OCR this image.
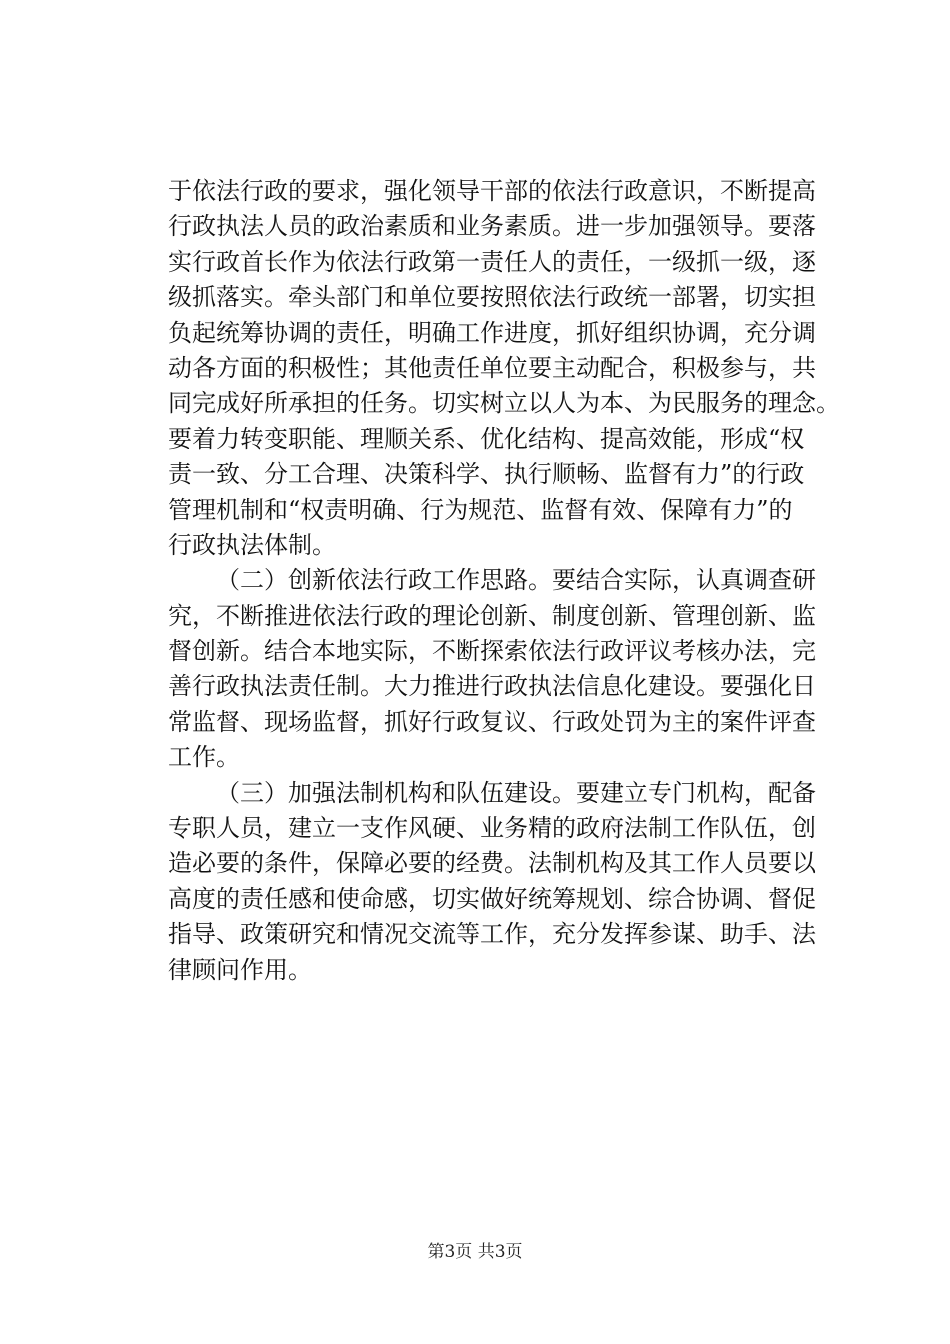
于依法行政的要求，强化领导干部的依法行政意识，不断提高
行政执法人员的政治素质和业务素质。进一步加强领导。要落
实行政首长作为依法行政第一责任人的责任，一级抓一级，逐
级抓落实。牵头部门和单位要按照依法行政统一部署，切实担
负起统筹协调的责任，明确工作进度，抓好组织协调，充分调
动各方面的积极性；其他责任单位要主动配合，积极参与，共
同完成好所承担的任务。切实树立以人为本、为民服务的理念。
要着力转变职能、理顺关系、优化结构、提高效能，形成“权
责一致、分工合理、决策科学、执行顺畅、监督有力”的行政
管理机制和“权责明确、行为规范、监督有效、保障有力”的
行政执法体制。
（二）创新依法行政工作思路。要结合实际，认真调查研
究，不断推进依法行政的理论创新、制度创新、管理创新、监
督创新。结合本地实际，不断探索依法行政评议考核办法，完
善行政执法责任制。大力推进行政执法信息化建设。要强化日
常监督、现场监督，抓好行政复议、行政处罚为主的案件评查
工作。
（三）加强法制机构和队伍建设。要建立专门机构，配备
专职人员，建立一支作风硬、业务精的政府法制工作队伍，创
造必要的条件，保障必要的经费。法制机构及其工作人员要以
高度的责任感和使命感，切实做好统筹规划、综合协调、督促
指导、政策研究和情况交流等工作，充分发挥参谋、助手、法
律顾问作用。
第3页 共3页
